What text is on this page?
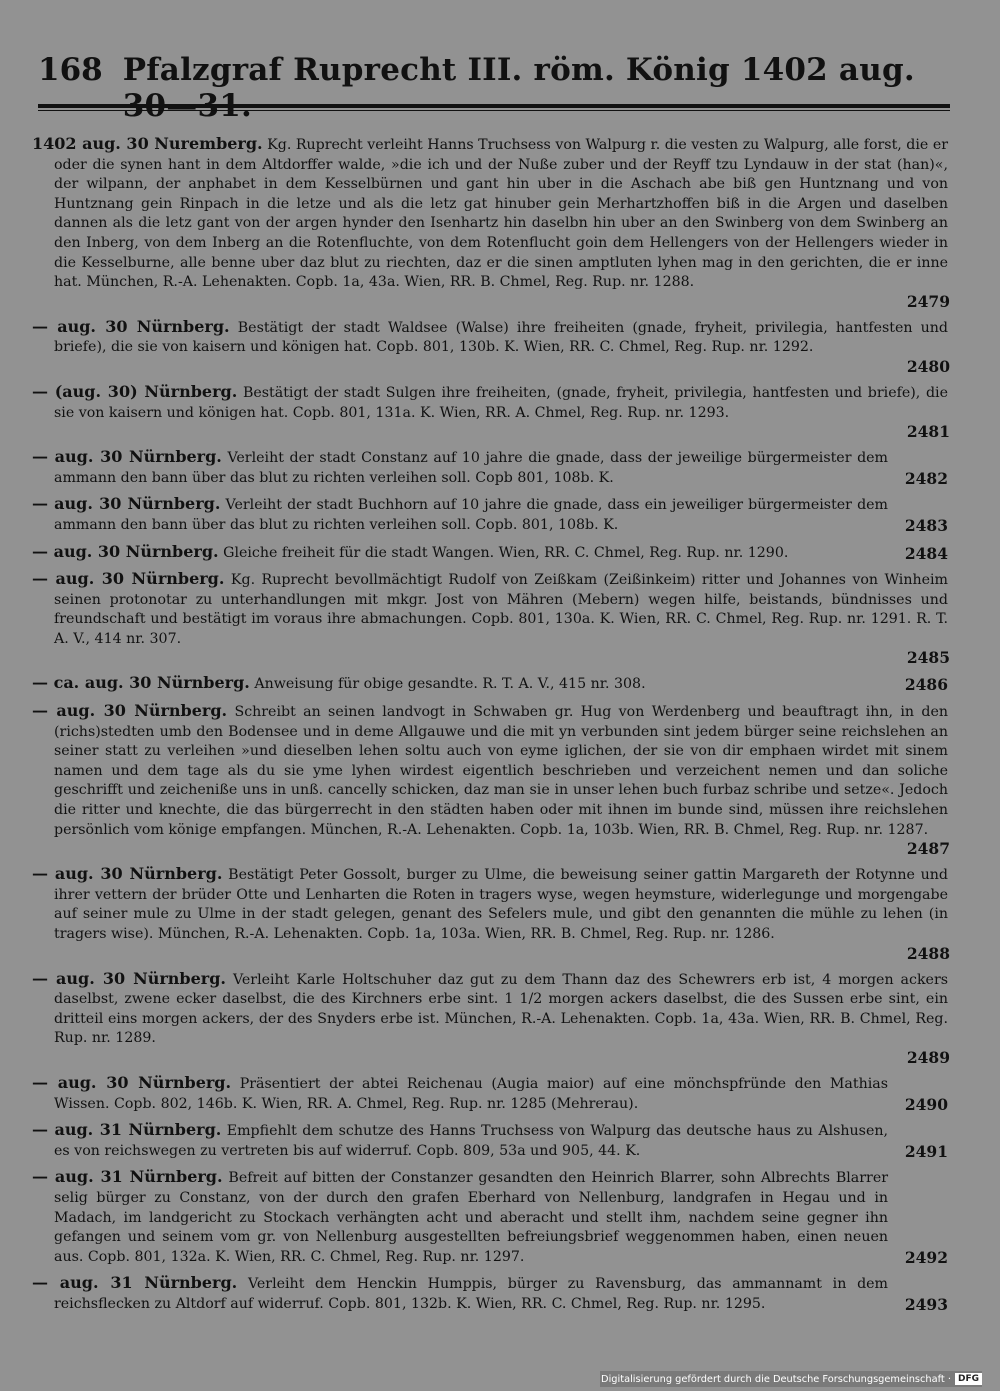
168 Pfalzgraf Ruprecht III. röm. König 1402 aug.

1402 aug. 30 Nuremberg. Kg. Ruprecht verleiht Hanns Truchsess von Walpurg r. die vesten zu Walpurg, alle forst, die er oder die synen hant in dem Altdorffer walde, »die ich und der Nuße zuber und der Reyff tzu Lyndauw in der stat (han)«, der wilpann, der anphabet in dem Kesselbürnen und gant hin uber in die Aschach abe biß gen Huntznang und von Huntznang gein Rinpach in die letze und als die letz gat hinuber gein Merhartzhoffen biß in die Argen und daselben dannen als die letz gant von der argen hynder den Isenhartz hin daselbn hin uber an den Swinberg von dem Swinberg an den Inberg, von dem Inberg an die Rotenfluchte, von dem Rotenflucht goin dem Hellengers von der Hellengers wieder in die Kesselburne, alle benne uber daz blut zu riechten, daz er die sinen amptluten lyhen mag in den gerichten, die er inne hat. München, R.-A. Lehenakten. Copb. 1a, 43a. Wien, RR. B. Chmel, Reg. Rup. nr. 1288.

2479

— aug. 30 Nürnberg. Bestätigt der stadt Waldsee (Walse) ihre freiheiten (gnade, fryheit, privilegia, hantfesten und briefe), die sie von kaisern und königen hat. Copb. 801, 130b. K. Wien, RR. C. Chmel, Reg. Rup. nr. 1292.

2480

— (aug. 30) Nürnberg. Bestätigt der stadt Sulgen ihre freiheiten, (gnade, fryheit, privilegia, hantfesten und briefe), die sie von kaisern und königen hat. Copb. 801, 131a. K. Wien, RR. A. Chmel, Reg. Rup. nr. 1293.

2481

— aug. 30 Nürnberg. Verleiht der stadt Constanz auf 10 jahre die gnade, dass der jeweilige bürgermeister dem ammann den bann über das blut zu richten verleihen soll. Copb 801, 108b. K.	2482

— aug. 30 Nürnberg. Verleiht der stadt Buchhorn auf 10 jahre die gnade, dass ein jeweiliger bürgermeister dem ammann den bann über das blut zu richten verleihen soll. Copb. 801, 108b. K.	2483

— aug. 30 Nürnberg. Gleiche freiheit für die stadt Wangen. Wien, RR. C. Chmel, Reg. Rup. nr. 1290.	2484

— aug. 30 Nürnberg. Kg. Ruprecht bevollmächtigt Rudolf von Zeißkam (Zeißinkeim) ritter und Johannes von Winheim seinen protonotar zu unterhandlungen mit mkgr. Jost von Mähren (Mebern) wegen hilfe, beistands, bündnisses und freundschaft und bestätigt im voraus ihre abmachungen. Copb. 801, 130a. K. Wien, RR. C. Chmel, Reg. Rup. nr. 1291. R. T. A. V., 414 nr. 307.

2485

— ca. aug. 30 Nürnberg. Anweisung für obige gesandte. R. T. A. V., 415 nr. 308.	2486

— aug. 30 Nürnberg. Schreibt an seinen landvogt in Schwaben gr. Hug von Werdenberg und beauftragt ihn, in den (richs)stedten umb den Bodensee und in deme Allgauwe und die mit yn verbunden sint jedem bürger seine reichslehen an seiner statt zu verleihen »und dieselben lehen soltu auch von eyme iglichen, der sie von dir emphaen wirdet mit sinem namen und dem tage als du sie yme lyhen wirdest eigentlich beschrieben und verzeichent nemen und dan soliche geschrifft und zeicheniße uns in unß. cancelly schicken, daz man sie in unser lehen buch furbaz schribe und setze«. Jedoch die ritter und knechte, die das bürgerrecht in den städten haben oder mit ihnen im bunde sind, müssen ihre reichslehen persönlich vom könige empfangen. München, R.-A. Lehenakten. Copb. 1a, 103b. Wien, RR. B. Chmel, Reg. Rup. nr. 1287.

2487

— aug. 30 Nürnberg. Bestätigt Peter Gossolt, burger zu Ulme, die beweisung seiner gattin Margareth der Rotynne und ihrer vettern der brüder Otte und Lenharten die Roten in tragers wyse, wegen heymsture, widerlegunge und morgengabe auf seiner mule zu Ulme in der stadt gelegen, genant des Sefelers mule, und gibt den genannten die mühle zu lehen (in tragers wise). München, R.-A. Lehenakten. Copb. 1a, 103a. Wien, RR. B. Chmel, Reg. Rup. nr. 1286.

2488

— aug. 30 Nürnberg. Verleiht Karle Holtschuher daz gut zu dem Thann daz des Schewrers erb ist, 4 morgen ackers daselbst, zwene ecker daselbst, die des Kirchners erbe sint. 1 1/2 morgen ackers daselbst, die des Sussen erbe sint, ein dritteil eins morgen ackers, der des Snyders erbe ist. München, R.-A. Lehenakten. Copb. 1a, 43a. Wien, RR. B. Chmel, Reg. Rup. nr. 1289.

2489

— aug. 30 Nürnberg. Präsentiert der abtei Reichenau (Augia maior) auf eine mönchspfründe den Mathias Wissen. Copb. 802, 146b. K. Wien, RR. A. Chmel, Reg. Rup. nr. 1285 (Mehrerau).	2490

— aug. 31 Nürnberg. Empfiehlt dem schutze des Hanns Truchsess von Walpurg das deutsche haus zu Alshusen, es von reichswegen zu vertreten bis auf widerruf. Copb. 809, 53a und 905, 44. K.	2491

— aug. 31 Nürnberg. Befreit auf bitten der Constanzer gesandten den Heinrich Blarrer, sohn Albrechts Blarrer selig bürger zu Constanz, von der durch den grafen Eberhard von Nellenburg, landgrafen in Hegau und in Madach, im landgericht zu Stockach verhängten acht und aberacht und stellt ihm, nachdem seine gegner ihn gefangen und seinem vom gr. von Nellenburg ausgestellten befreiungsbrief weggenommen haben, einen neuen aus. Copb. 801, 132a. K. Wien, RR. C. Chmel, Reg. Rup. nr. 1297.	2492

— aug. 31 Nürnberg. Verleiht dem Henckin Humppis, bürger zu Ravensburg, das ammannamt in dem reichsflecken zu Altdorf auf widerruf. Copb. 801, 132b. K. Wien, RR. C. Chmel, Reg. Rup. nr. 1295.	2493
Digitalisierung gefördert durch die Deutsche Forschungsgemeinschaft · DFG
